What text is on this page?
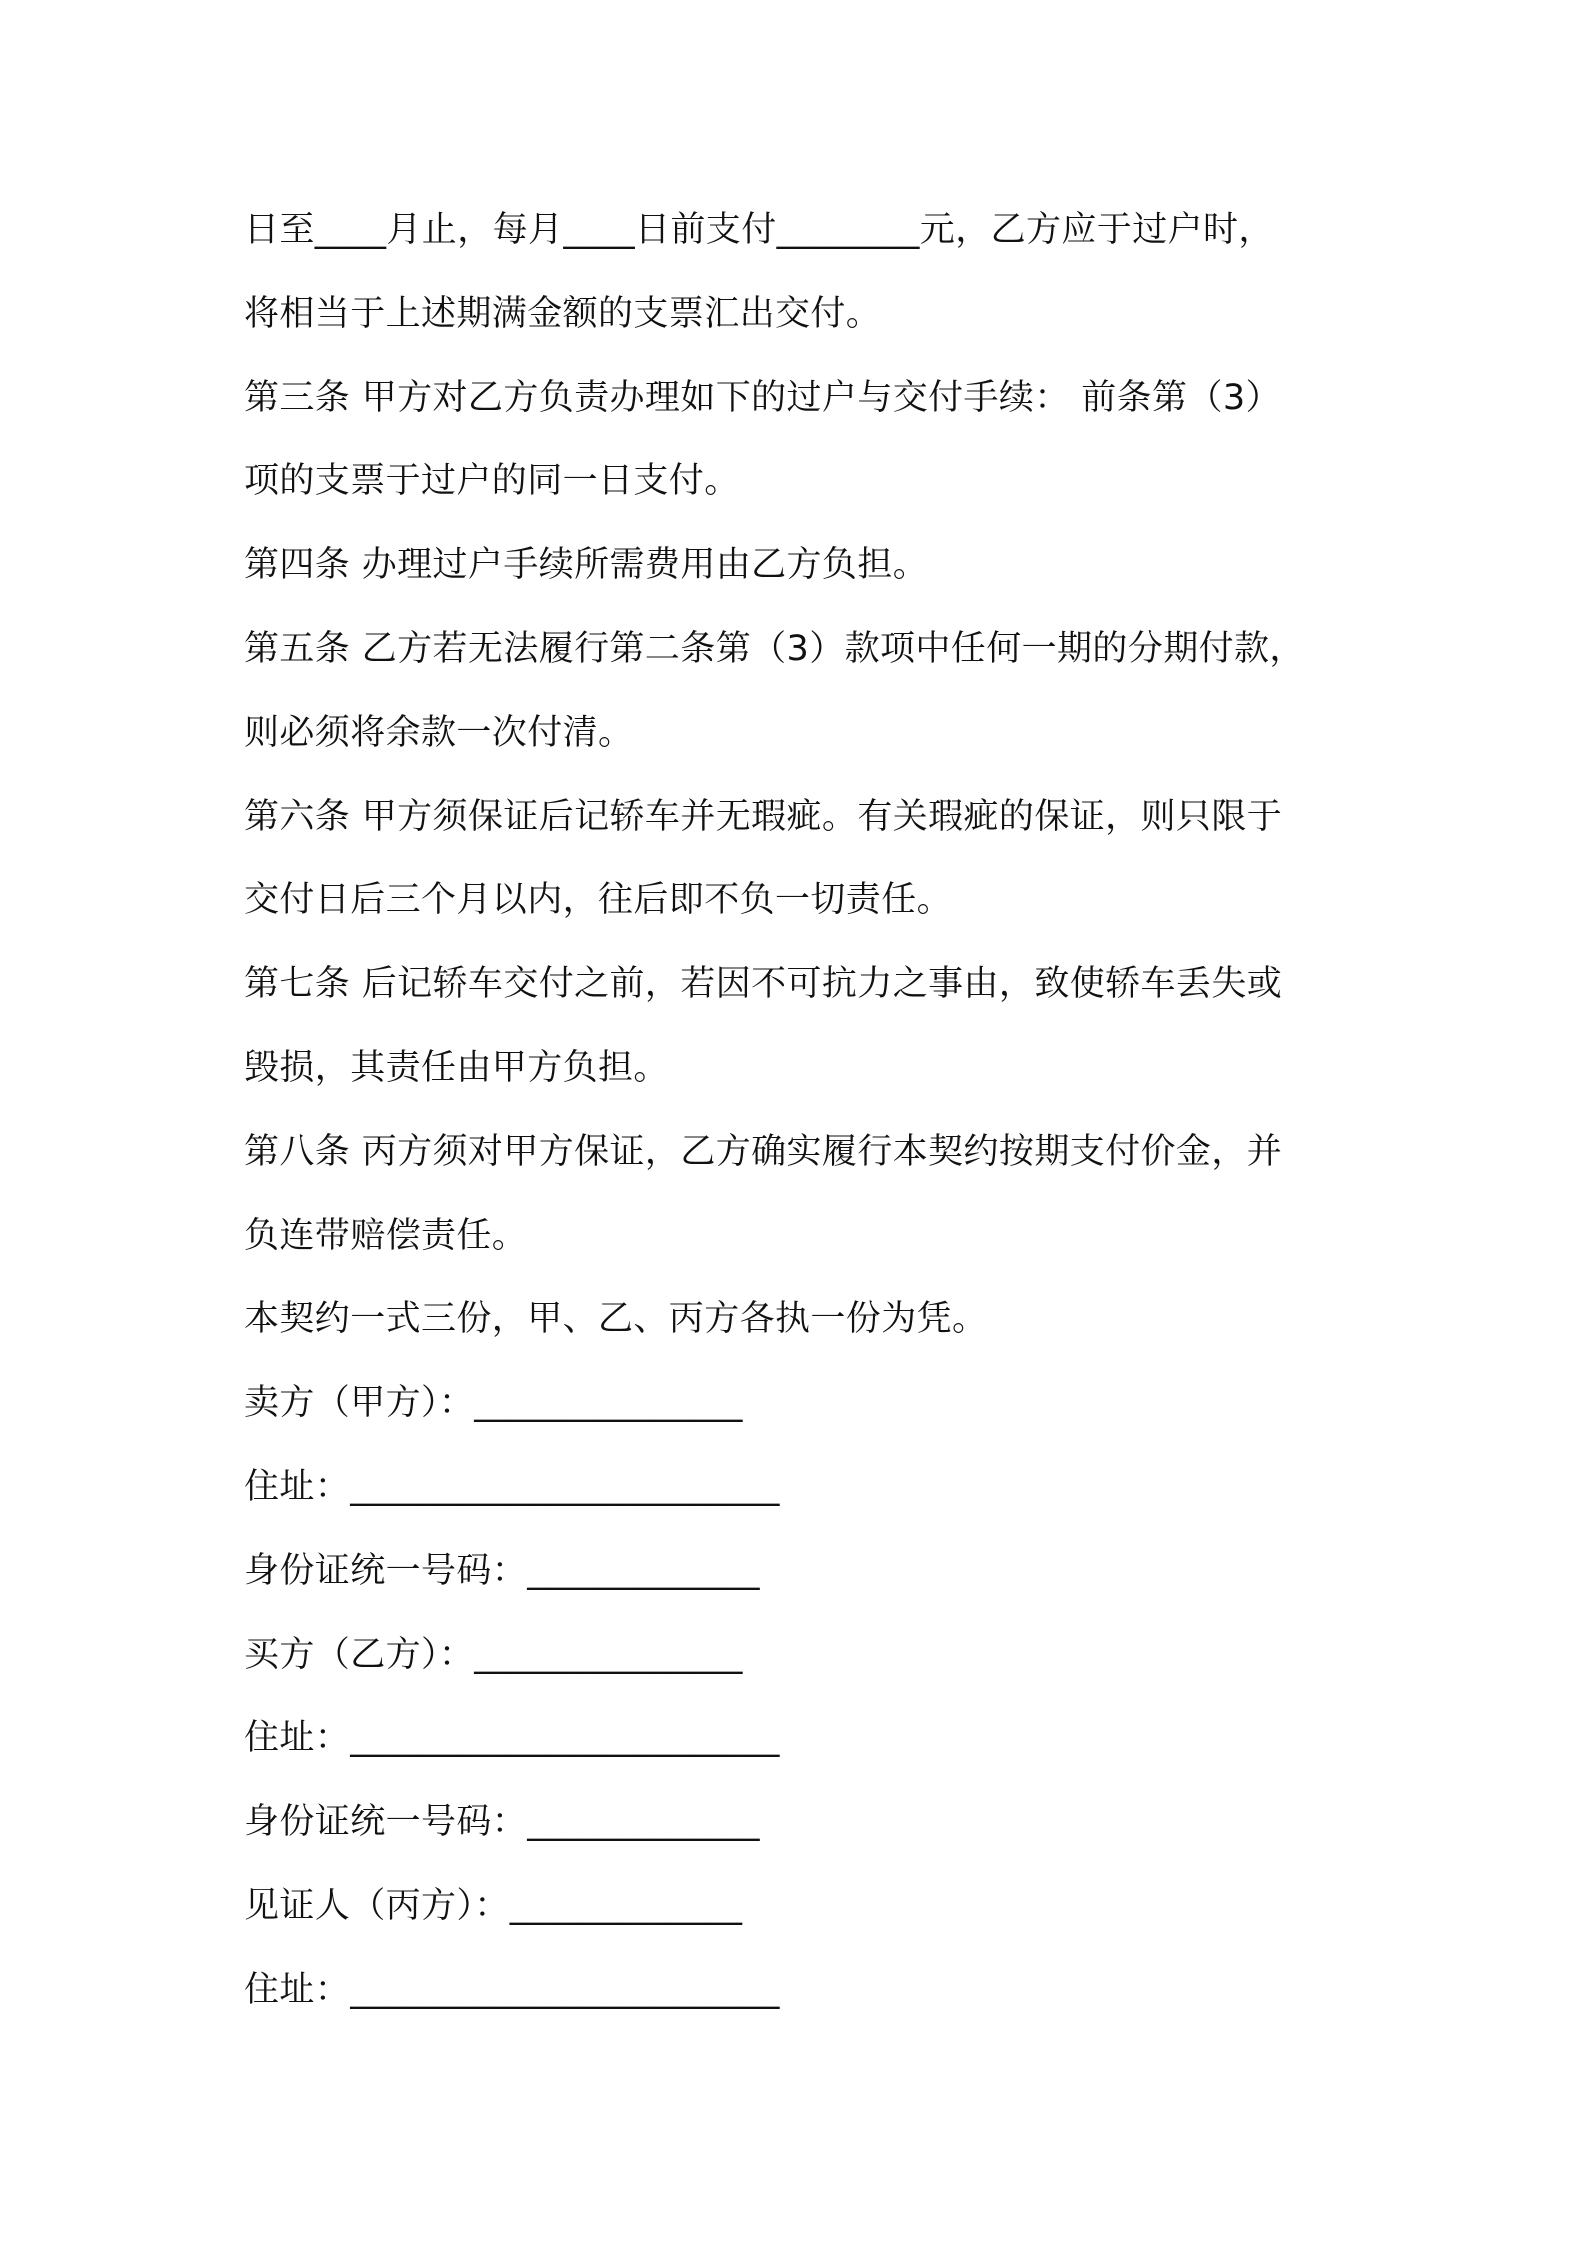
日至____月止，每月____日前支付________元，乙方应于过户时，
将相当于上述期满金额的支票汇出交付。
第三条 甲方对乙方负责办理如下的过户与交付手续： 前条第（3）
项的支票于过户的同一日支付。
第四条 办理过户手续所需费用由乙方负担。
第五条 乙方若无法履行第二条第（3）款项中任何一期的分期付款，
则必须将余款一次付清。
第六条 甲方须保证后记轿车并无瑕疵。有关瑕疵的保证，则只限于
交付日后三个月以内，往后即不负一切责任。
第七条 后记轿车交付之前，若因不可抗力之事由，致使轿车丢失或
毁损，其责任由甲方负担。
第八条 丙方须对甲方保证，乙方确实履行本契约按期支付价金，并
负连带赔偿责任。
本契约一式三份，甲、乙、丙方各执一份为凭。
卖方（甲方）：_______________
住址：________________________
身份证统一号码：_____________
买方（乙方）：_______________
住址：________________________
身份证统一号码：_____________
见证人（丙方）：_____________
住址：________________________
